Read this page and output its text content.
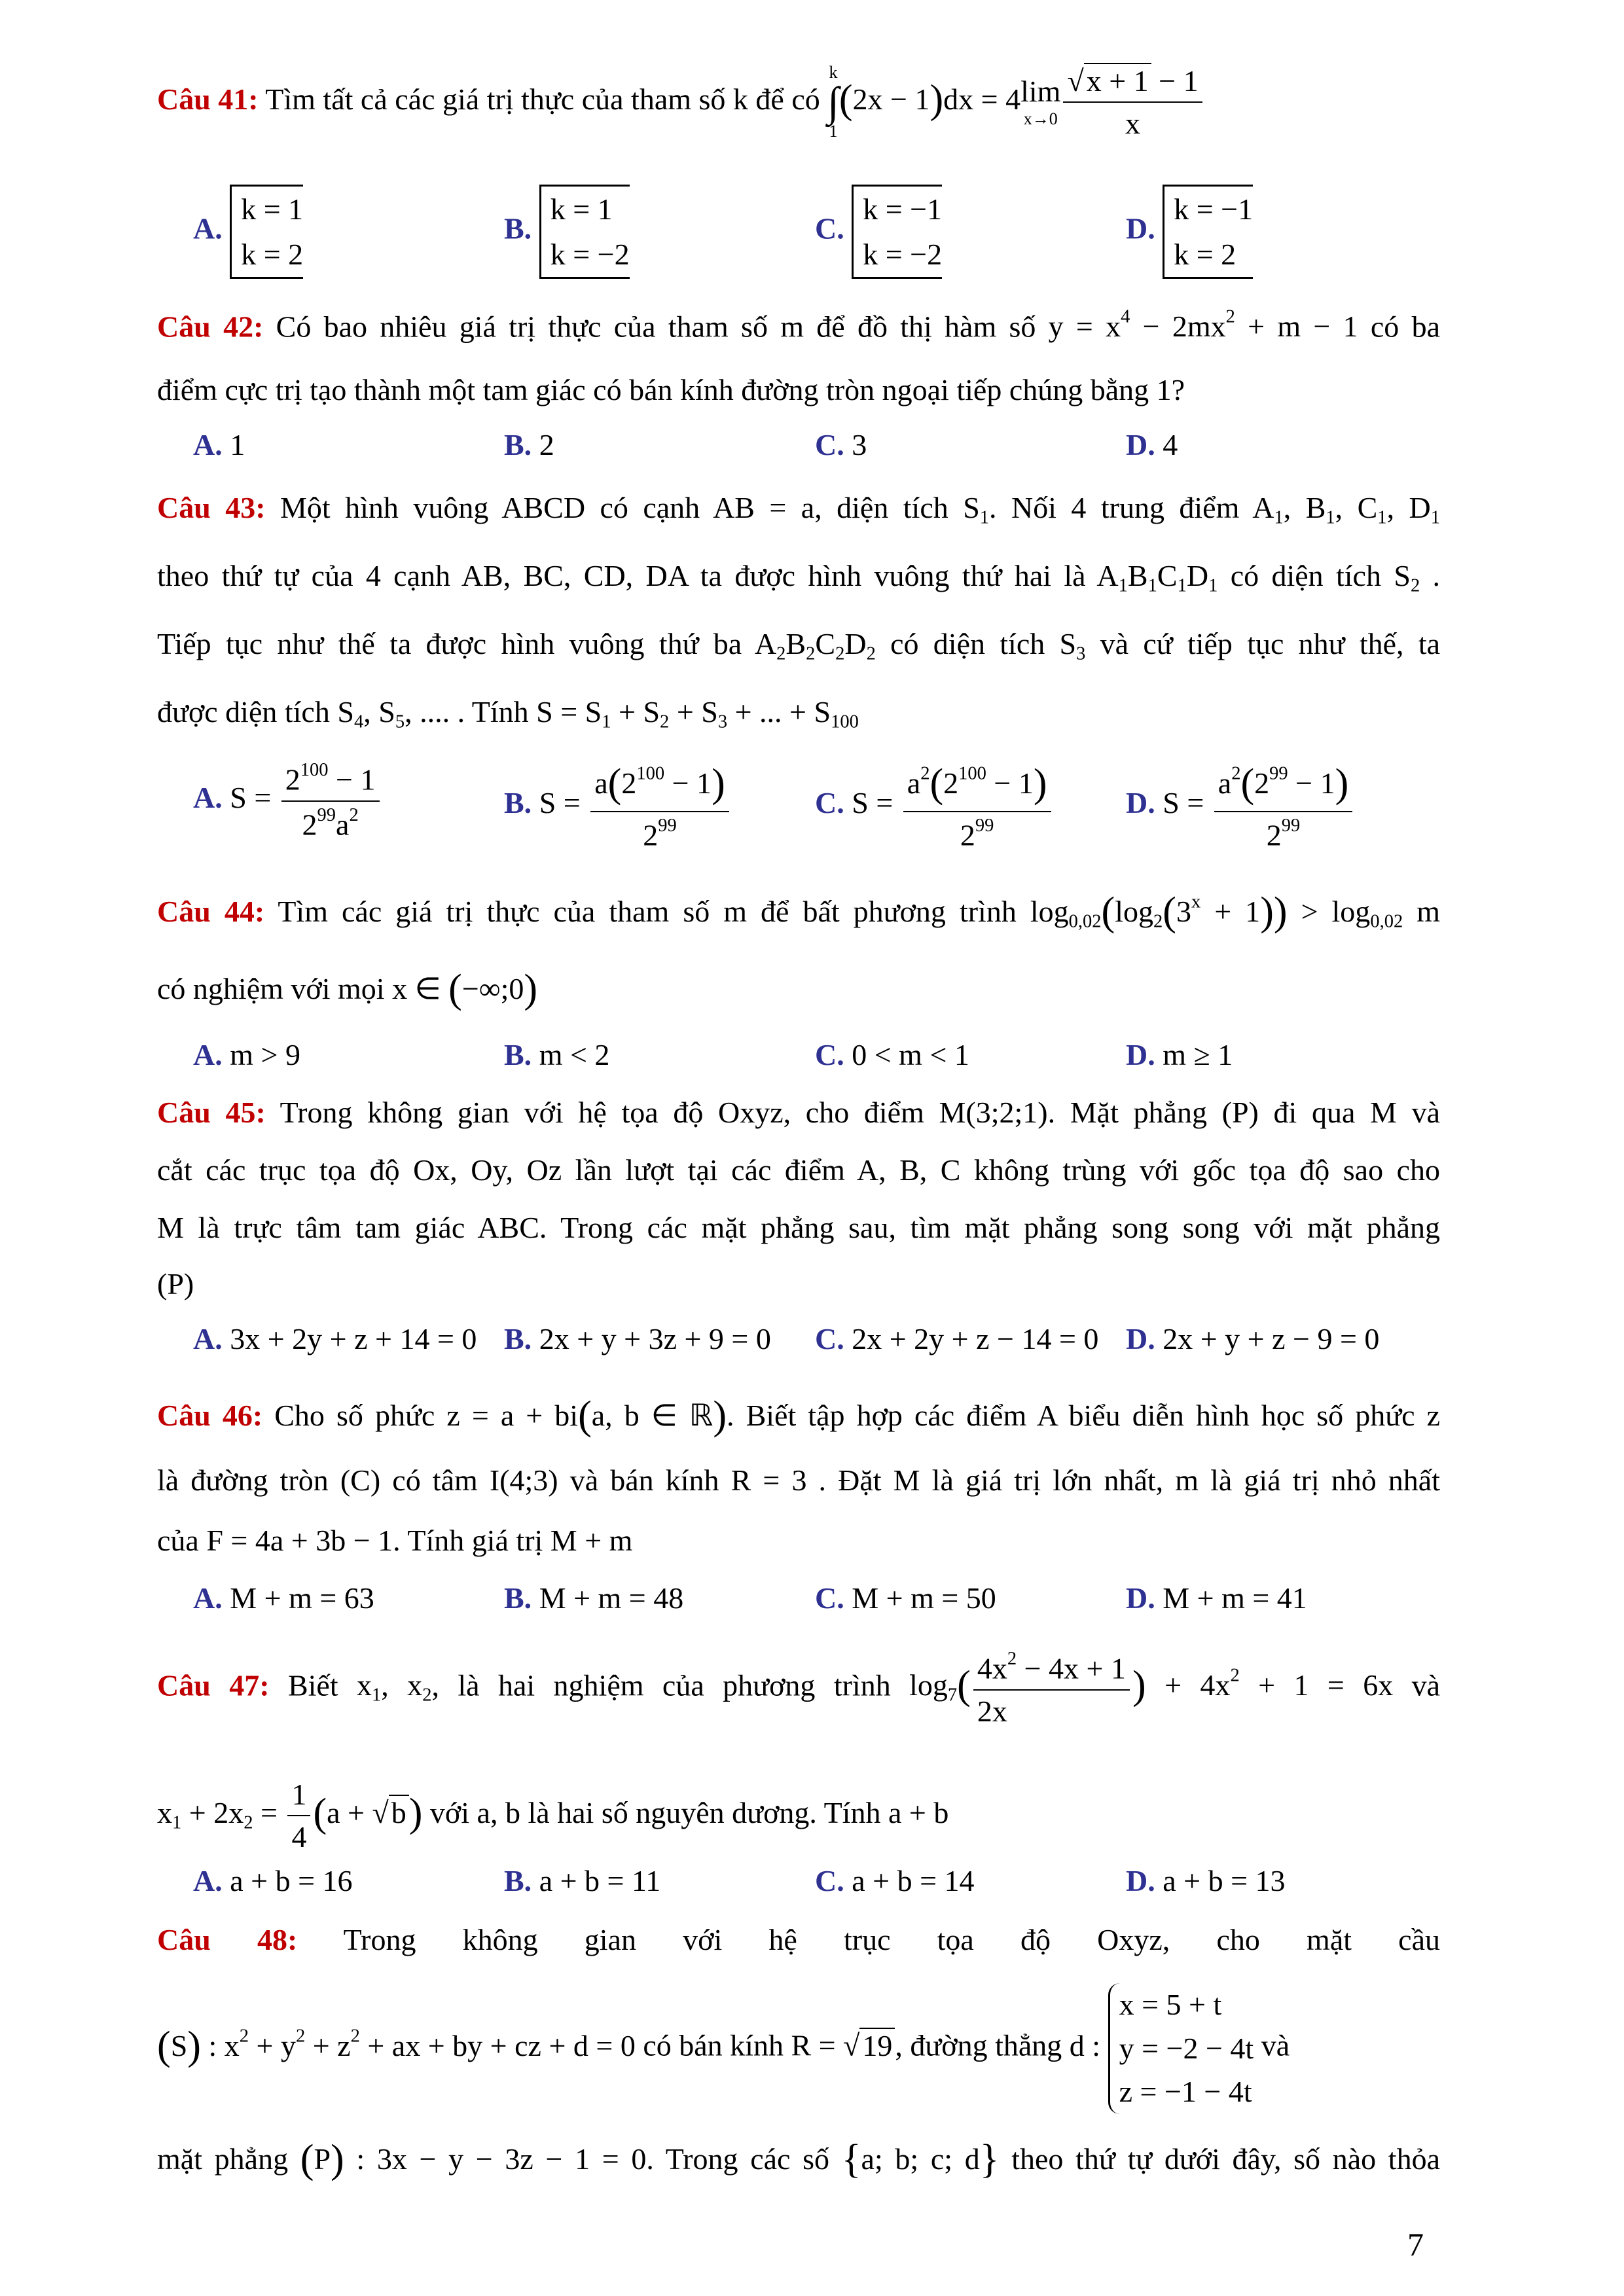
Câu 41: Tìm tất cả các giá trị thực của tham số k để có
k
∫
1
(2x − 1)dx = 4lim
$x\to 0 \frac{√x + 1 - 1}{x}$
A. k = 1
k = 2
B. k = 1
k = −2
C. k = −1
k = −2
D. k = −1
k = 2
Câu 42: Có bao nhiêu giá trị thực của tham số m để đồ thị hàm số $y = x^4 - 2mx^2 + m - 1$ có ba
điểm cực trị tạo thành một tam giác có bán kính đường tròn ngoại tiếp chúng bằng 1?
A. 1	B. 2	C. 3	D. 4
Câu 43: Một hình vuông ABCD có cạnh AB = a, diện tích $S_1$. Nối 4 trung điểm $A_1$, $B_1$, $C_1$, $D_1$
theo thứ tự của 4 cạnh AB, BC, CD, DA ta được hình vuông thứ hai là $A_1B_1C_1D_1$ có diện tích $S_2$ .
Tiếp tục như thế ta được hình vuông thứ ba $A_2B_2C_2D_2$ có diện tích $S_3$ và cứ tiếp tục như thế, ta
được diện tích $S_4$, $S_5$, .... . Tính $S = S_1 + S_2 + S_3$ + ... + $S_{100}$
A. $S = \frac{2^{100} - 1}{2^{99}a^2}$	B. $S = \frac{a(2^{100} - 1)}{2^{99}}$	C. $S = \frac{a^2(2^{100} - 1)}{2^{99}} D$. $S = \frac{a^2(2^{99} - 1)}{2^{99}}$
Câu 44: Tìm các giá trị thực của tham số m để bất phương trình $\log_{0,02}(\log_2(3^x + 1)) > \log_{0,02} m$
có nghiệm với mọi x ∈ (−∞;0)
A. m > 9	B. m < 2	C. 0 < m < 1	D. m ≥ 1
Câu 45: Trong không gian với hệ tọa độ Oxyz, cho điểm M(3;2;1). Mặt phẳng (P) đi qua M và
cắt các trục tọa độ Ox, Oy, Oz lần lượt tại các điểm A, B, C không trùng với gốc tọa độ sao cho
M là trực tâm tam giác ABC. Trong các mặt phẳng sau, tìm mặt phẳng song song với mặt phẳng
(P)
A. 3x + 2y + z + 14 = 0 B. 2x + y + 3z + 9 = 0 C. 2x + 2y + z − 14 = 0 D. 2x + y + z − 9 = 0
Câu 46: Cho số phức z = a + bi(a, b ∈ ℝ). Biết tập hợp các điểm A biểu diễn hình học số phức z
là đường tròn (C) có tâm I(4;3) và bán kính R = 3 . Đặt M là giá trị lớn nhất, m là giá trị nhỏ nhất
của F = 4a + 3b − 1. Tính giá trị M + m
A. M + m = 63	B. M + m = 48	C. M + m = 50	D. M + m = 41
Câu 47: Biết $x_1$, $x_2$, là hai nghiệm của phương trình $\log_7( \frac{4x^2 - 4x + 1}{2x}$ ) + $4x^2 + 1 = 6x$ và
$x_1 + 2x_2 = \frac{1}{4} (a + √b)$ với a, b là hai số nguyên dương. Tính a + b
A. a + b = 16	B. a + b = 11	C. a + b = 14	D. a + b = 13
Câu 48: Trong không gian với hệ trục tọa độ Oxyz, cho mặt cầu
(S) : $x^2 + y^2 + z^2$ + ax + by + cz + d = 0 có bán kính R = √19, đường thẳng d : x = 5 + t
y = −2 − 4t
z = −1 − 4t và
mặt phẳng (P) : 3x − y − 3z − 1 = 0. Trong các số {a; b; c; d} theo thứ tự dưới đây, số nào thỏa
7
